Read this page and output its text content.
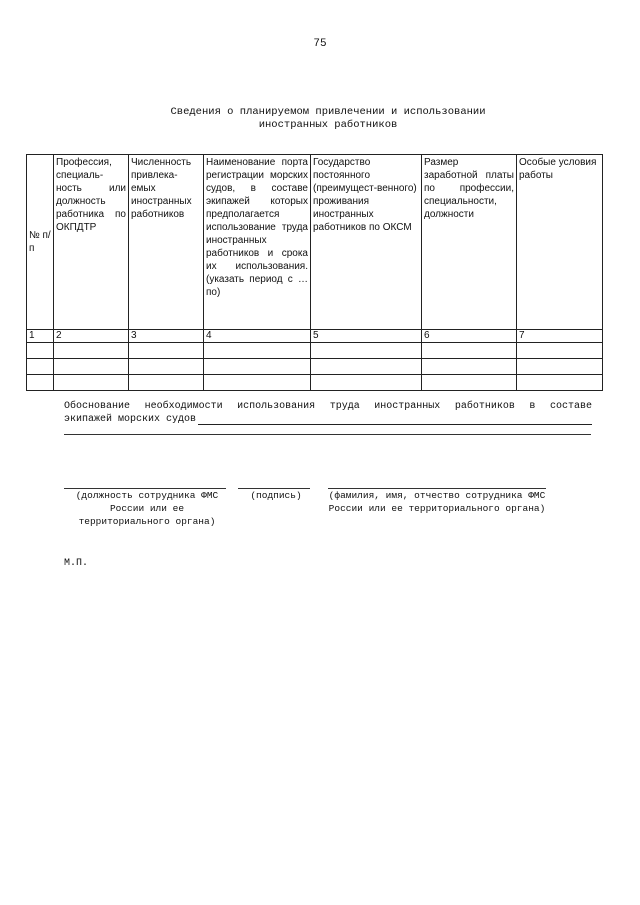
75
Сведения о планируемом привлечении и использовании
иностранных работников
№ п/п	Профессия, специаль-ность или должность работника по ОКПДТР	Численность привлека-емых иностранных работников	Наименование порта регистрации морских судов, в составе экипажей которых предполагается использование труда иностранных работников и срока их использования. (указать период с … по)	Государство постоянного (преимущест-венного) проживания иностранных работников по ОКСМ	Размер заработной платы по профессии, специальности, должности	Особые условия работы
1	2	3	4	5	6	7

Обоснование необходимости использования труда иностранных работников в составе
экипажей морских судов
(должность сотрудника ФМС России или ее территориального органа)
(подпись)	(фамилия, имя, отчество сотрудника ФМС России или ее территориального органа)
М.П.
